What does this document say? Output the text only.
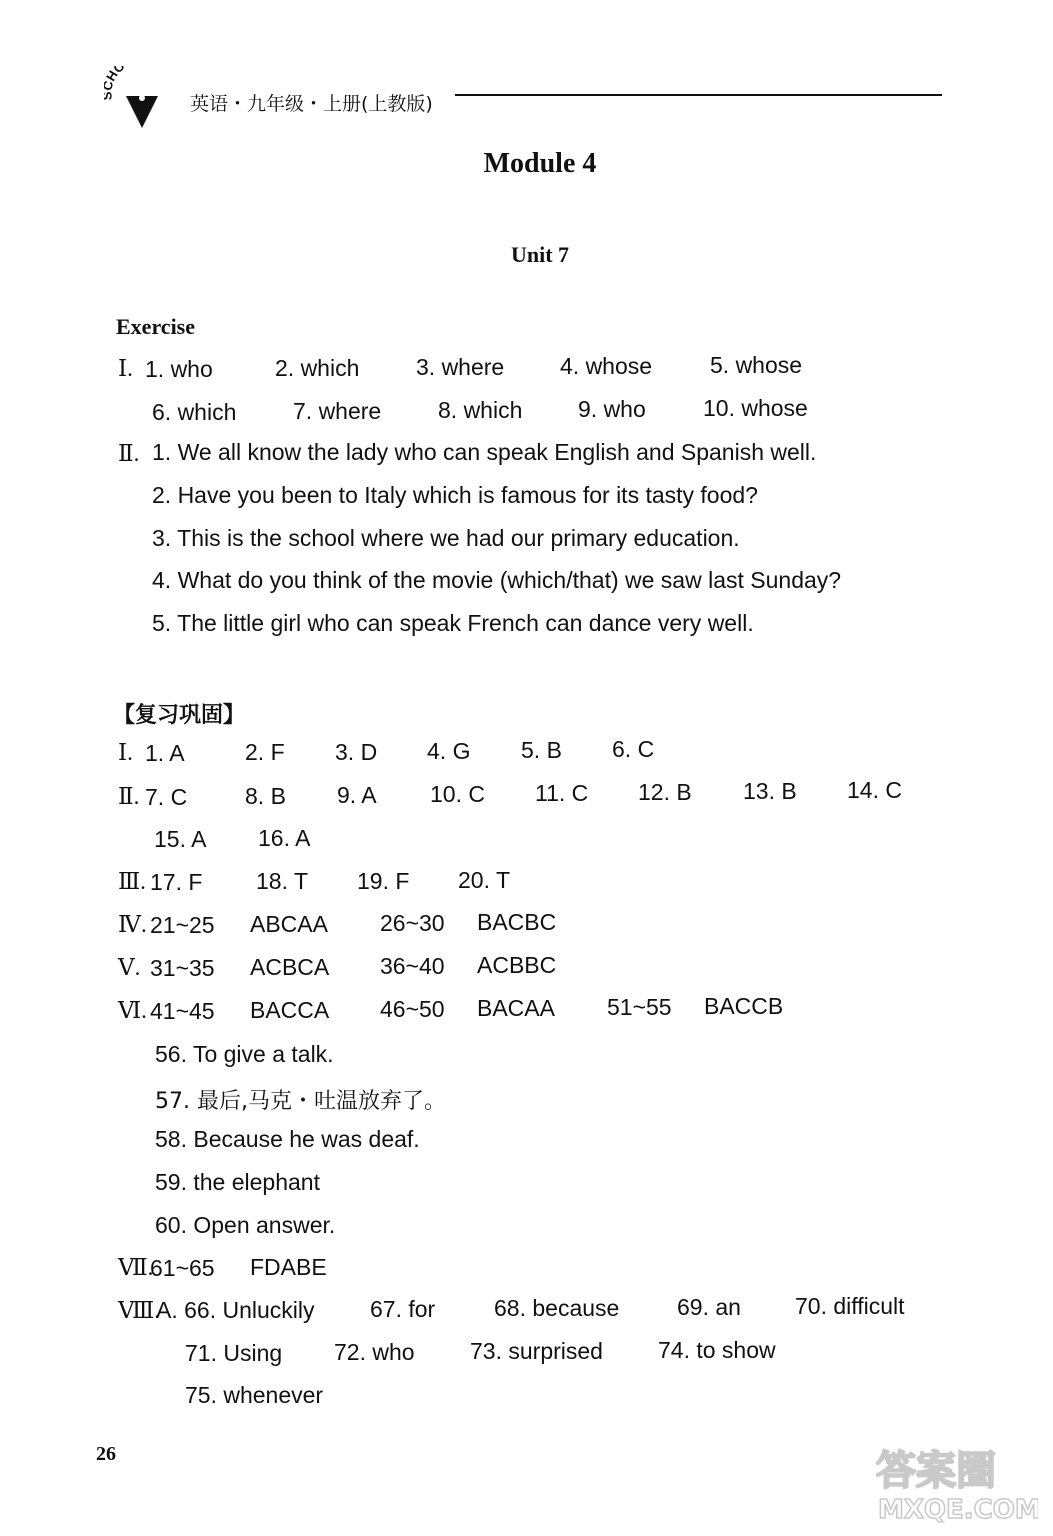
HO
英语・九年级・上册(上教版)
Module 4
Unit 7
Exercise
Ⅰ. 1. who	2. which 3. where 4. whose	5. whose
6. which 7. where 8. which 9. who 10. whose
Ⅱ. 1. We all know the lady who can speak English and Spanish well.
2. Have you been to Italy which is famous for its tasty food?
3. This is the school where we had our primary education.
4. What do you think of the movie (which/that) we saw last Sunday?
5. The little girl who can speak French can dance very well.
【复习巩固】
Ⅰ. 1. A	2. F 3. D 4. G 5. B 6. C
Ⅱ. 7. C	8. B 9. A 10. C 11. C 12. B 13. B 14. C
15. A 16. A
Ⅲ. 17. F 18. T 19. F 20. T
Ⅳ. 21~25 ABCAA 26~30 BACBC
Ⅴ. 31~35 ACBCA 36~40 ACBBC
Ⅵ. 41~45 BACCA 46~50 BACAA 51~55 BACCB
56. To give a talk.
57. 最后,马克・吐温放弃了。
58. Because he was deaf.
59. the elephant
60. Open answer.
Ⅶ.
61~65 FDABE
Ⅷ.
A. 66. Unluckily 67. for	68. because	69. an 70. difficult
71. Using 72. who 73. surprised 74. to show
75. whenever
26	答案圈
MXQE.COM
